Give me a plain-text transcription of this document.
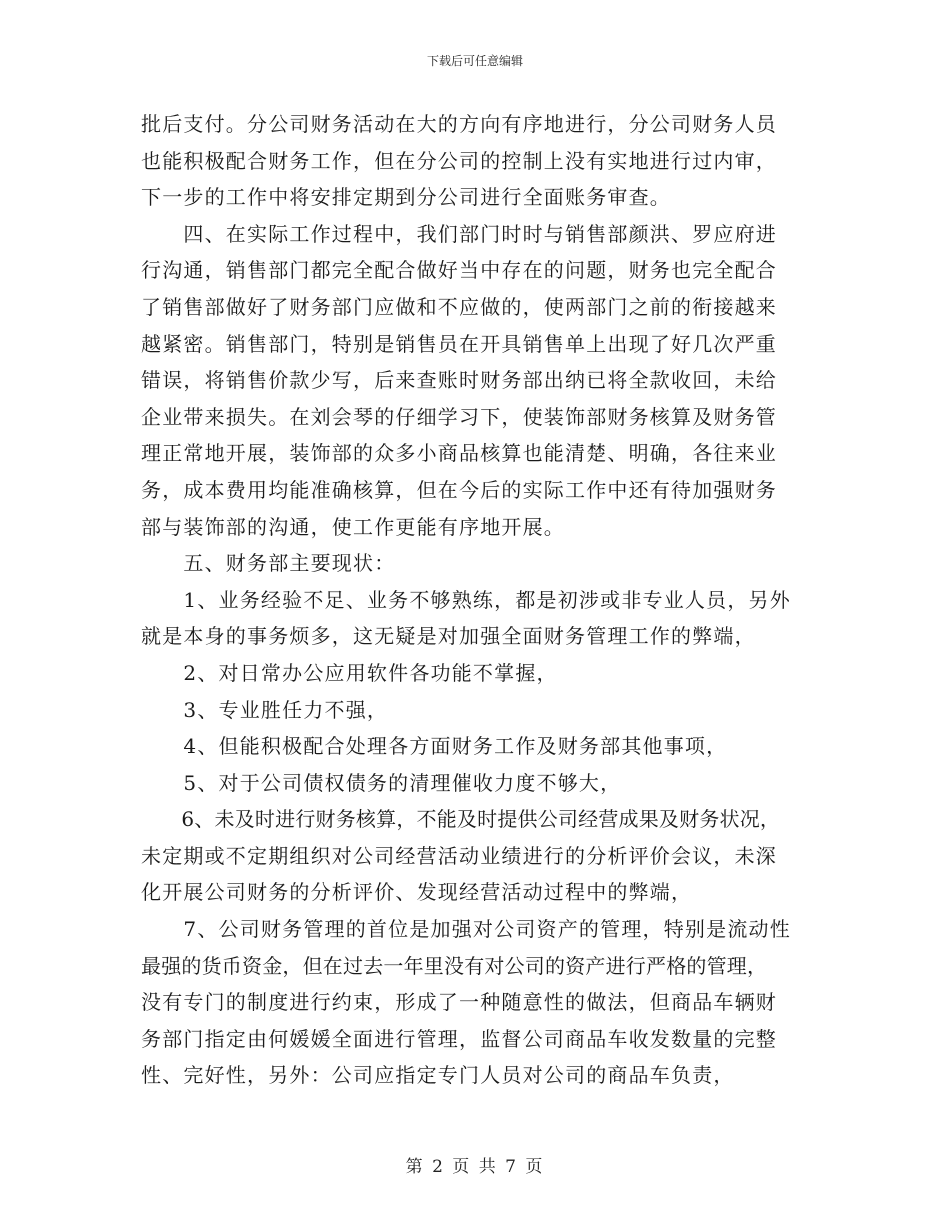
下载后可任意编辑
批后支付。分公司财务活动在大的方向有序地进行，分公司财务人员
也能积极配合财务工作，但在分公司的控制上没有实地进行过内审，
下一步的工作中将安排定期到分公司进行全面账务审查。
　　四、在实际工作过程中，我们部门时时与销售部颜洪、罗应府进
行沟通，销售部门都完全配合做好当中存在的问题，财务也完全配合
了销售部做好了财务部门应做和不应做的，使两部门之前的衔接越来
越紧密。销售部门，特别是销售员在开具销售单上出现了好几次严重
错误，将销售价款少写，后来查账时财务部出纳已将全款收回，未给
企业带来损失。在刘会琴的仔细学习下，使装饰部财务核算及财务管
理正常地开展，装饰部的众多小商品核算也能清楚、明确，各往来业
务，成本费用均能准确核算，但在今后的实际工作中还有待加强财务
部与装饰部的沟通，使工作更能有序地开展。
　　五、财务部主要现状：
　　1、业务经验不足、业务不够熟练，都是初涉或非专业人员，另外
就是本身的事务烦多，这无疑是对加强全面财务管理工作的弊端，
　　2、对日常办公应用软件各功能不掌握，
　　3、专业胜任力不强，
　　4、但能积极配合处理各方面财务工作及财务部其他事项，
　　5、对于公司债权债务的清理催收力度不够大，
　　6、未及时进行财务核算，不能及时提供公司经营成果及财务状况，
未定期或不定期组织对公司经营活动业绩进行的分析评价会议，未深
化开展公司财务的分析评价、发现经营活动过程中的弊端，
　　7、公司财务管理的首位是加强对公司资产的管理，特别是流动性
最强的货币资金，但在过去一年里没有对公司的资产进行严格的管理，
没有专门的制度进行约束，形成了一种随意性的做法，但商品车辆财
务部门指定由何媛媛全面进行管理，监督公司商品车收发数量的完整
性、完好性，另外：公司应指定专门人员对公司的商品车负责，
第 2 页 共 7 页
